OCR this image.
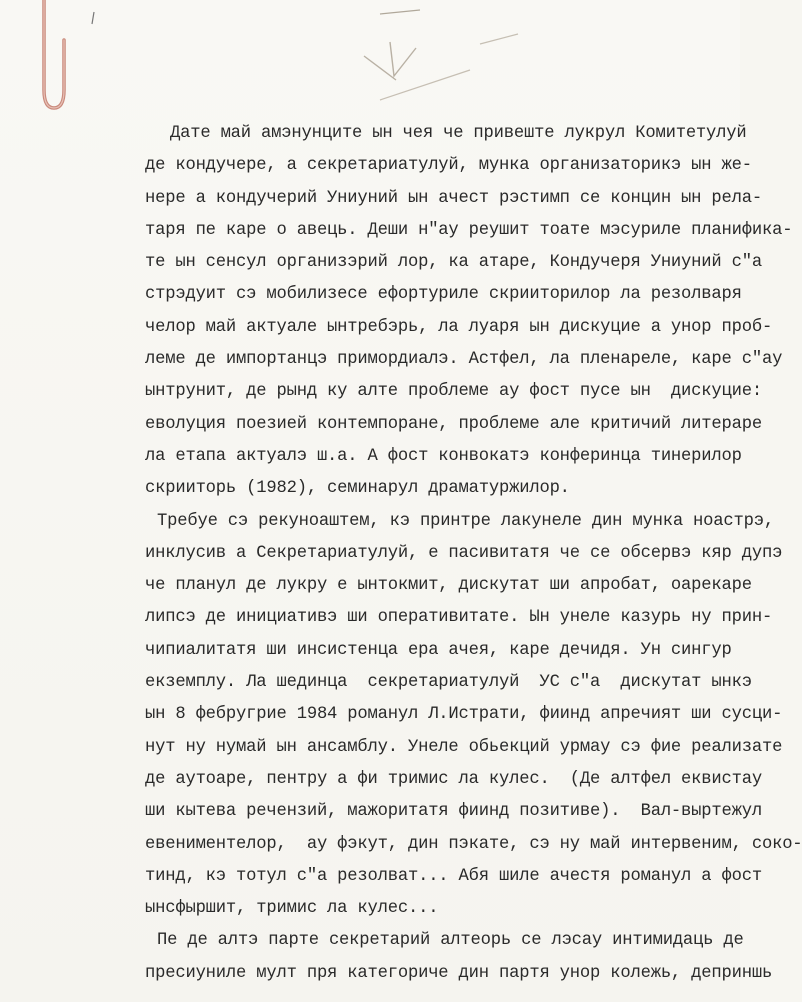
Дате май амэнунците ын чея че привеште лукрул Комитетулуй
де кондучере, а секретариатулуй, мунка организаторикэ ын же-
нере а кондучерий Униуний ын ачест рэстимп се концин ын рела-
таря пе каре о авець. Деши н"ау реушит тоате мэсуриле планифика-
те ын сенсул организэрий лор, ка атаре, Кондучеря Униуний с"а
стрэдуит сэ мобилизесе ефортуриле скрииторилор ла резолваря
челор май актуале ынтребэрь, ла луаря ын дискуцие а унор проб-
леме де импортанцэ примордиалэ. Астфел, ла пленареле, каре с"ау
ынтрунит, де рынд ку алте проблеме ау фост пусе ын  дискуцие:
еволуция поезией контемпоране, проблеме але критичий литераре
ла етапа актуалэ ш.а. А фост конвокатэ конферинца тинерилор
скрииторь (1982), семинарул драматуржилор.
Требуе сэ рекуноаштем, кэ принтре лакунеле дин мунка ноастрэ,
инклусив а Секретариатулуй, е пасивитатя че се обсервэ кяр дупэ
че планул де лукру е ынтокмит, дискутат ши апробат, оарекаре
липсэ де инициативэ ши оперативитате. Ын унеле казурь ну прин-
чипиалитатя ши инсистенца ера ачея, каре дечидя. Ун сингур
екземплу. Ла шединца  секретариатулуй  УС с"а  дискутат ынкэ
ын 8 фебругрие 1984 романул Л.Истрати, фиинд апречият ши сусци-
нут ну нумай ын ансамблу. Унеле обьекций урмау сэ фие реализате
де аутоаре, пентру а фи тримис ла кулес.  (Де алтфел еквистау
ши кытева речензий, мажоритатя фиинд позитиве).  Вал-выртежул
евениментелор,  ау фэкут, дин пэкате, сэ ну май интервеним, соко-
тинд, кэ тотул с"а резолват... Абя шиле ачестя романул а фост
ынсфыршит, тримис ла кулес...
Пе де алтэ парте секретарий алтеорь се лэсау интимидаць де
пресиуниле мулт пря категориче дин партя унор колежь, деприншь
